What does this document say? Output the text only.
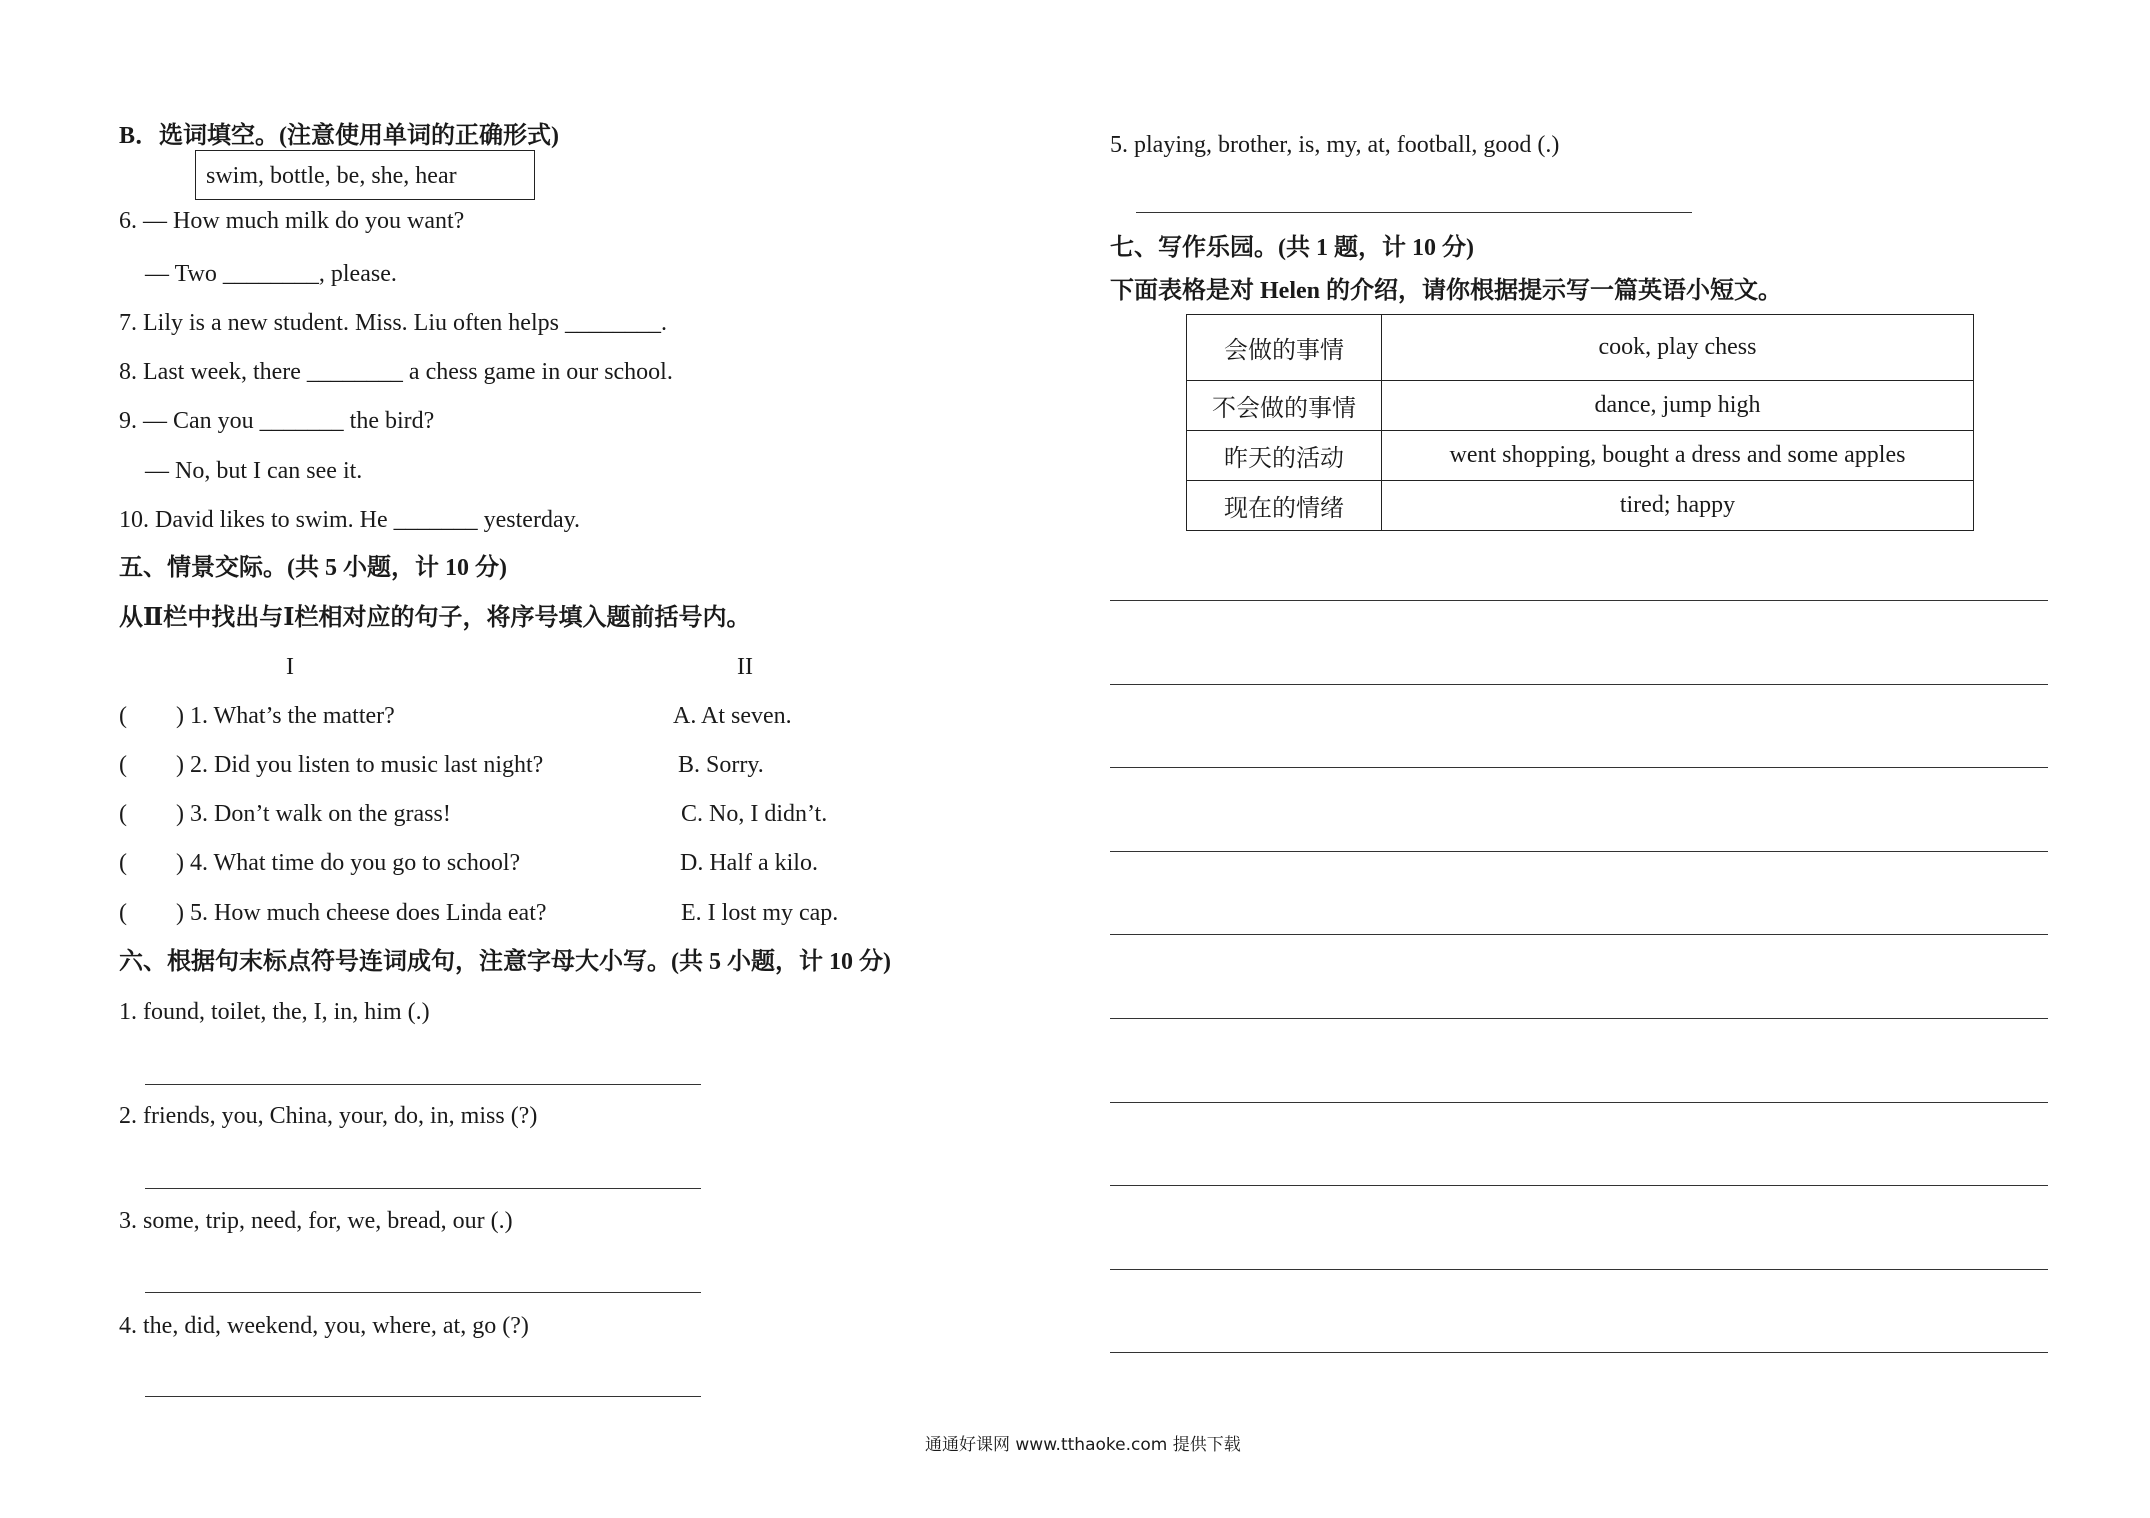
B．选词填空。(注意使用单词的正确形式)
swim, bottle, be, she, hear
6. — How much milk do you want?
— Two ________, please.
7. Lily is a new student. Miss. Liu often helps ________.
8. Last week, there ________ a chess game in our school.
9. — Can you _______ the bird?
— No, but I can see it.
10. David likes to swim. He _______ yesterday.
五、情景交际。(共 5 小题，计 10 分)
从Ⅱ栏中找出与Ⅰ栏相对应的句子，将序号填入题前括号内。
I	II
( ) 1. What’s the matter?	A. At seven.
( ) 2. Did you listen to music last night?	B. Sorry.
( ) 3. Don’t walk on the grass!	C. No, I didn’t.
( ) 4. What time do you go to school?	D. Half a kilo.
( ) 5. How much cheese does Linda eat?	E. I lost my cap.
六、根据句末标点符号连词成句，注意字母大小写。(共 5 小题，计 10 分)
1. found, toilet, the, I, in, him (.)
2. friends, you, China, your, do, in, miss (?)
3. some, trip, need, for, we, bread, our (.)
4. the, did, weekend, you, where, at, go (?)
5. playing, brother, is, my, at, football, good (.)
七、写作乐园。(共 1 题，计 10 分)
下面表格是对 Helen 的介绍，请你根据提示写一篇英语小短文。
会做的事情	cook, play chess
不会做的事情	dance, jump high
昨天的活动	went shopping, bought a dress and some apples
现在的情绪	tired; happy
通通好课网 www.tthaoke.com 提供下载
